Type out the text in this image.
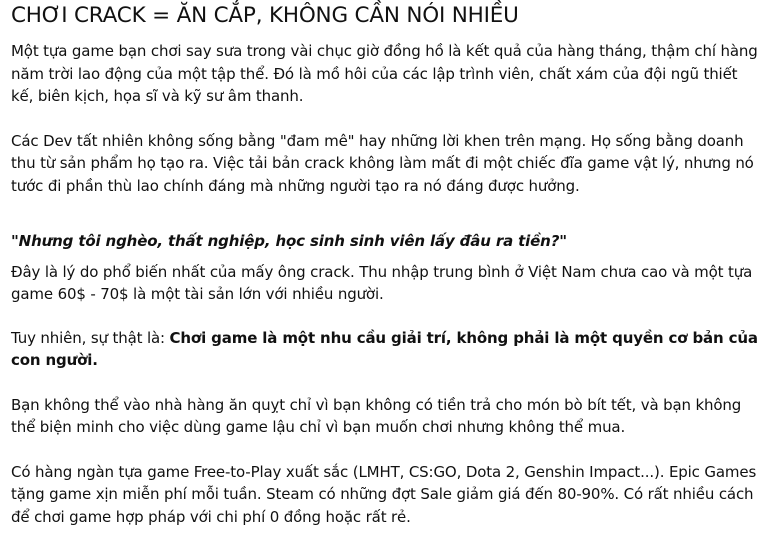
CHƠI CRACK = ĂN CẮP, KHÔNG CẦN NÓI NHIỀU

Một tựa game bạn chơi say sưa trong vài chục giờ đồng hồ là kết quả của hàng tháng, thậm chí hàng năm trời lao động của một tập thể. Đó là mồ hôi của các lập trình viên, chất xám của đội ngũ thiết kế, biên kịch, họa sĩ và kỹ sư âm thanh.

Các Dev tất nhiên không sống bằng "đam mê" hay những lời khen trên mạng. Họ sống bằng doanh thu từ sản phẩm họ tạo ra. Việc tải bản crack không làm mất đi một chiếc đĩa game vật lý, nhưng nó tước đi phần thù lao chính đáng mà những người tạo ra nó đáng được hưởng.

"Nhưng tôi nghèo, thất nghiệp, học sinh sinh viên lấy đâu ra tiền?"

Đây là lý do phổ biến nhất của mấy ông crack. Thu nhập trung bình ở Việt Nam chưa cao và một tựa game 60$ - 70$ là một tài sản lớn với nhiều người.

Tuy nhiên, sự thật là: Chơi game là một nhu cầu giải trí, không phải là một quyền cơ bản của con người.

Bạn không thể vào nhà hàng ăn quỵt chỉ vì bạn không có tiền trả cho món bò bít tết, và bạn không thể biện minh cho việc dùng game lậu chỉ vì bạn muốn chơi nhưng không thể mua.

Có hàng ngàn tựa game Free-to-Play xuất sắc (LMHT, CS:GO, Dota 2, Genshin Impact...). Epic Games tặng game xịn miễn phí mỗi tuần. Steam có những đợt Sale giảm giá đến 80-90%. Có rất nhiều cách để chơi game hợp pháp với chi phí 0 đồng hoặc rất rẻ.
